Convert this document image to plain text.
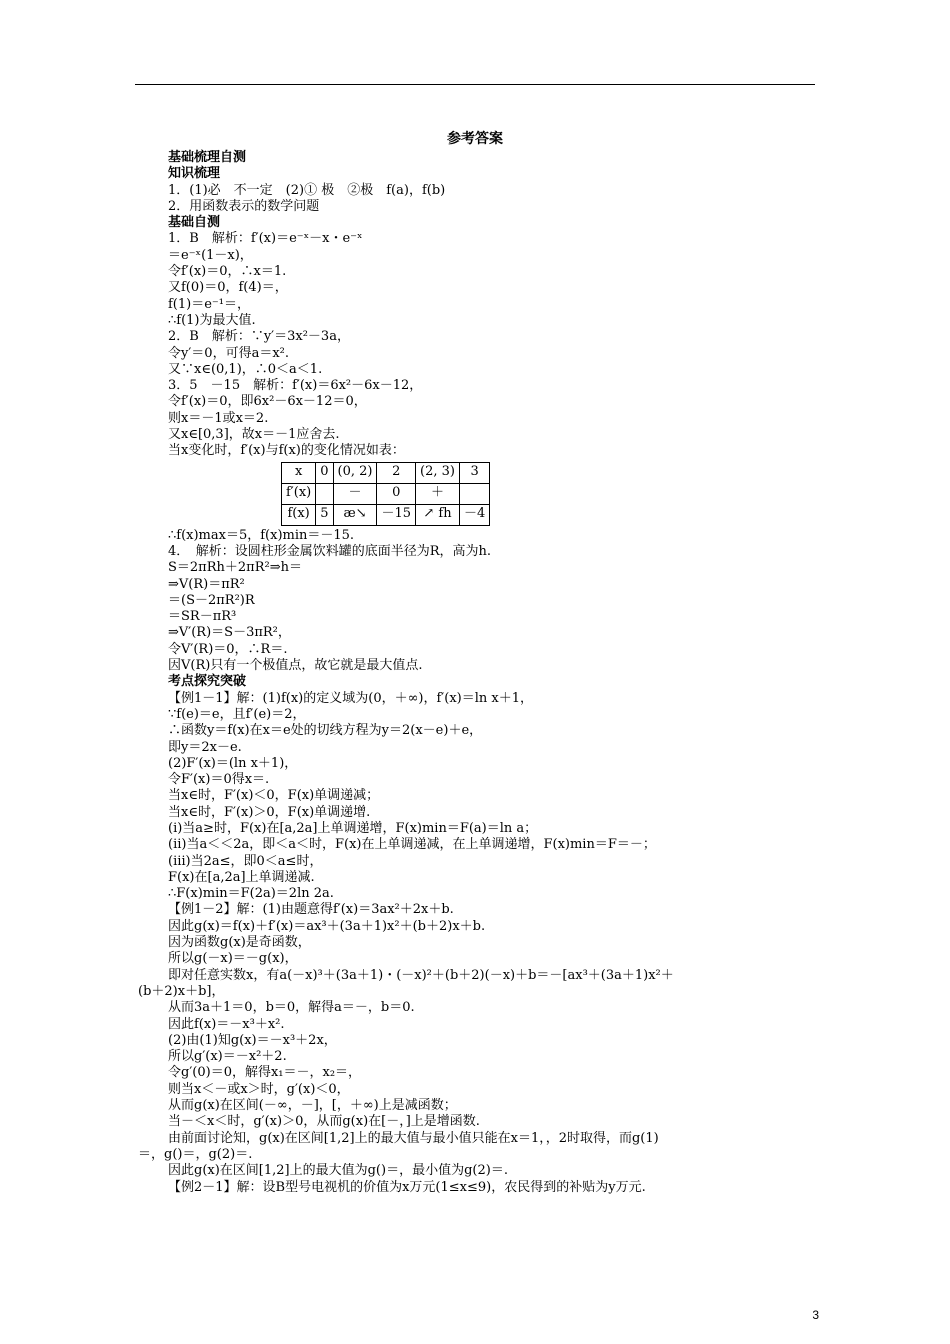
参考答案
基础梳理自测
知识梳理
1．(1)必　不一定　(2)① 极　②极　f(a)，f(b)
2．用函数表示的数学问题
基础自测
1．B　解析：f′(x)＝e⁻ˣ－x・e⁻ˣ
＝e⁻ˣ(1－x)，
令f′(x)＝0，∴x＝1.
又f(0)＝0，f(4)＝，
f(1)＝e⁻¹＝，
∴f(1)为最大值.
2．B　解析：∵y′＝3x²－3a，
令y′＝0，可得a＝x².
又∵x∈(0,1)，∴0＜a＜1.
3．5　－15　解析：f′(x)＝6x²－6x－12，
令f′(x)＝0，即6x²－6x－12＝0，
则x＝－1或x＝2.
又x∈[0,3]，故x＝－1应舍去.
当x变化时，f′(x)与f(x)的变化情况如表：
x	0	(0, 2)	2	(2, 3)	3
f′(x)		－	0	＋	
f(x)	5	æ↘	－15	↗ fh	－4
∴f(x)max＝5，f(x)min＝－15.
4．　解析：设圆柱形金属饮料罐的底面半径为R，高为h.
S＝2πRh＋2πR²⇒h＝
⇒V(R)＝πR²
＝(S－2πR²)R
＝SR－πR³
⇒V′(R)＝S－3πR²，
令V′(R)＝0，∴R＝.
因V(R)只有一个极值点，故它就是最大值点.
考点探究突破
【例1－1】解：(1)f(x)的定义域为(0，＋∞)，f′(x)＝ln x＋1，
∵f(e)＝e，且f′(e)＝2，
∴函数y＝f(x)在x＝e处的切线方程为y＝2(x－e)＋e，
即y＝2x－e.
(2)F′(x)＝(ln x＋1)，
令F′(x)＝0得x＝.
当x∈时，F′(x)＜0，F(x)单调递减；
当x∈时，F′(x)＞0，F(x)单调递增.
(ⅰ)当a≥时，F(x)在[a,2a]上单调递增，F(x)min＝F(a)＝ln a；
(ⅱ)当a＜＜2a，即＜a＜时，F(x)在上单调递减，在上单调递增，F(x)min＝F＝－；
(ⅲ)当2a≤，即0＜a≤时，
F(x)在[a,2a]上单调递减.
∴F(x)min＝F(2a)＝2ln 2a.
【例1－2】解：(1)由题意得f′(x)＝3ax²＋2x＋b.
因此g(x)＝f(x)＋f′(x)＝ax³＋(3a＋1)x²＋(b＋2)x＋b.
因为函数g(x)是奇函数，
所以g(－x)＝－g(x)，
即对任意实数x，有a(－x)³＋(3a＋1)・(－x)²＋(b＋2)(－x)＋b＝－[ax³＋(3a＋1)x²＋
(b＋2)x＋b]，
从而3a＋1＝0，b＝0，解得a＝－，b＝0.
因此f(x)＝－x³＋x².
(2)由(1)知g(x)＝－x³＋2x，
所以g′(x)＝－x²＋2.
令g′(0)＝0，解得x₁＝－，x₂＝，
则当x＜－或x＞时，g′(x)＜0，
从而g(x)在区间(－∞，－]，[，＋∞)上是减函数；
当－＜x＜时，g′(x)＞0，从而g(x)在[－，]上是增函数.
由前面讨论知，g(x)在区间[1,2]上的最大值与最小值只能在x＝1，，2时取得，而g(1)
＝，g()＝，g(2)＝.
因此g(x)在区间[1,2]上的最大值为g()＝，最小值为g(2)＝.
【例2－1】解：设B型号电视机的价值为x万元(1≤x≤9)，农民得到的补贴为y万元.
3
